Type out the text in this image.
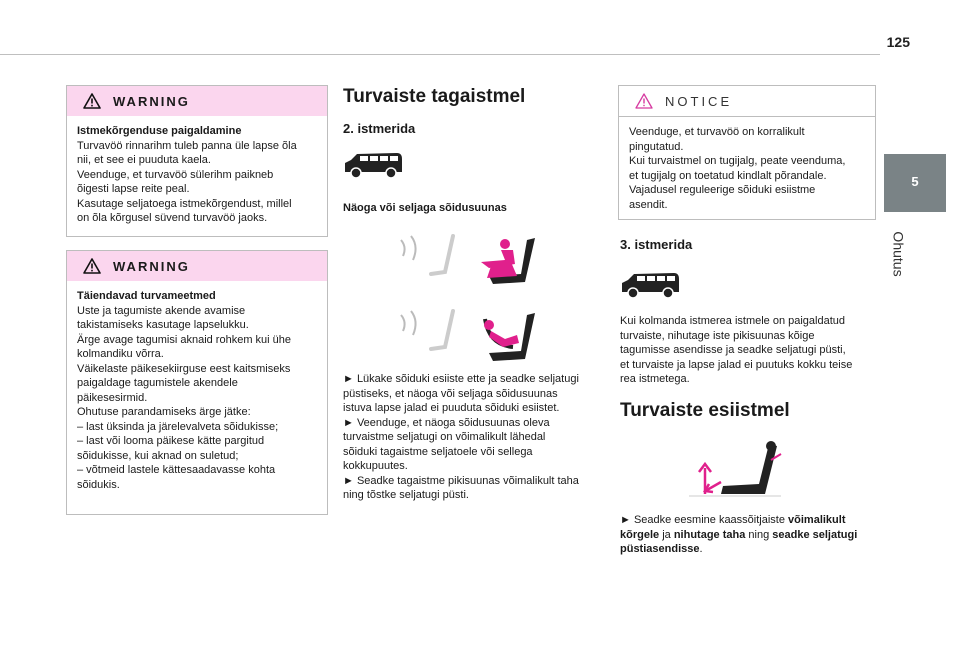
125
5
Ohutus
WARNING
Istmekõrgenduse paigaldamine
Turvavöö rinnarihm tuleb panna üle lapse õla
nii, et see ei puuduta kaela.
Veenduge, et turvavöö sülerihm paikneb
õigesti lapse reite peal.
Kasutage seljatoega istmekõrgendust, millel
on õla kõrgusel süvend turvavöö jaoks.
WARNING
Täiendavad turvameetmed
Uste ja tagumiste akende avamise
takistamiseks kasutage lapselukku.
Ärge avage tagumisi aknaid rohkem kui ühe
kolmandiku võrra.
Väikelaste päikesekiirguse eest kaitsmiseks
paigaldage tagumistele akendele
päikesesirmid.
Ohutuse parandamiseks ärge jätke:
– last üksinda ja järelevalveta sõidukisse;
– last või looma päikese kätte pargitud
sõidukisse, kui aknad on suletud;
– võtmeid lastele kättesaadavasse kohta
sõidukis.
Turvaiste tagaistmel
2. istmerida
Näoga või seljaga sõidusuunas
► Lükake sõiduki esiiste ette ja seadke seljatugi
püstiseks, et näoga või seljaga sõidusuunas
istuva lapse jalad ei puuduta sõiduki esiistet.
► Veenduge, et näoga sõidusuunas oleva
turvaistme seljatugi on võimalikult lähedal
sõiduki tagaistme seljatoele või sellega
kokkupuutes.
► Seadke tagaistme pikisuunas võimalikult taha
ning tõstke seljatugi püsti.
NOTICE
Veenduge, et turvavöö on korralikult
pingutatud.
Kui turvaistmel on tugijalg, peate veenduma,
et tugijalg on toetatud kindlalt põrandale.
Vajadusel reguleerige sõiduki esiistme
asendit.
3. istmerida
Kui kolmanda istmerea istmele on paigaldatud
turvaiste, nihutage iste pikisuunas kõige
tagumisse asendisse ja seadke seljatugi püsti,
et turvaiste ja lapse jalad ei puutuks kokku teise
rea istmetega.
Turvaiste esiistmel
► Seadke eesmine kaassõitjaiste võimalikult
kõrgele ja nihutage taha ning seadke seljatugi
püstiasendisse.
